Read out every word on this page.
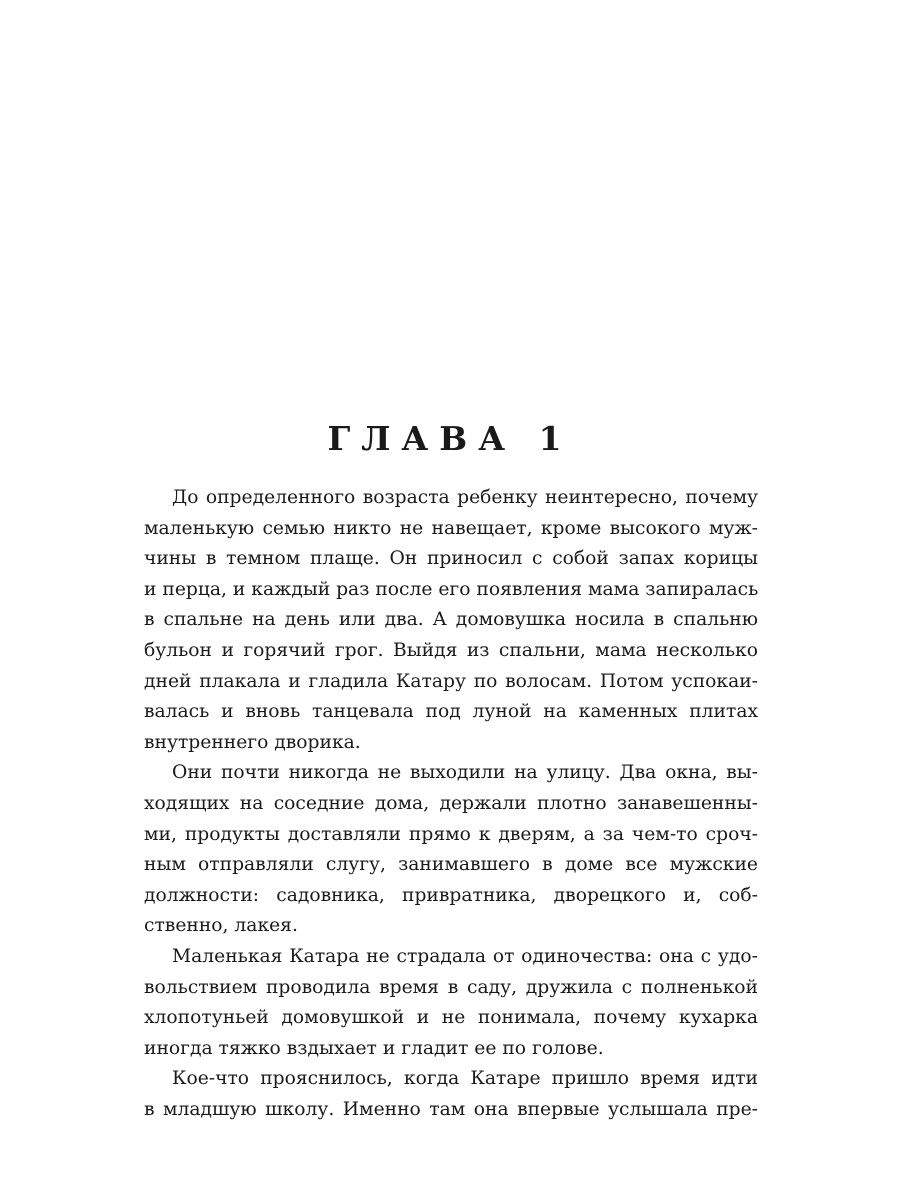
ГЛАВА 1

До определенного возраста ребенку неинтересно, почему
маленькую семью никто не навещает, кроме высокого муж-
чины в темном плаще. Он приносил с собой запах корицы
и перца, и каждый раз после его появления мама запиралась
в спальне на день или два. А домовушка носила в спальню
бульон и горячий грог. Выйдя из спальни, мама несколько
дней плакала и гладила Катару по волосам. Потом успокаи-
валась и вновь танцевала под луной на каменных плитах
внутреннего дворика.

Они почти никогда не выходили на улицу. Два окна, вы-
ходящих на соседние дома, держали плотно занавешенны-
ми, продукты доставляли прямо к дверям, а за чем-то сроч-
ным отправляли слугу, занимавшего в доме все мужские
должности: садовника, привратника, дворецкого и, соб-
ственно, лакея.

Маленькая Катара не страдала от одиночества: она с удо-
вольствием проводила время в саду, дружила с полненькой
хлопотуньей домовушкой и не понимала, почему кухарка
иногда тяжко вздыхает и гладит ее по голове.

Кое-что прояснилось, когда Катаре пришло время идти
в младшую школу. Именно там она впервые услышала пре-
